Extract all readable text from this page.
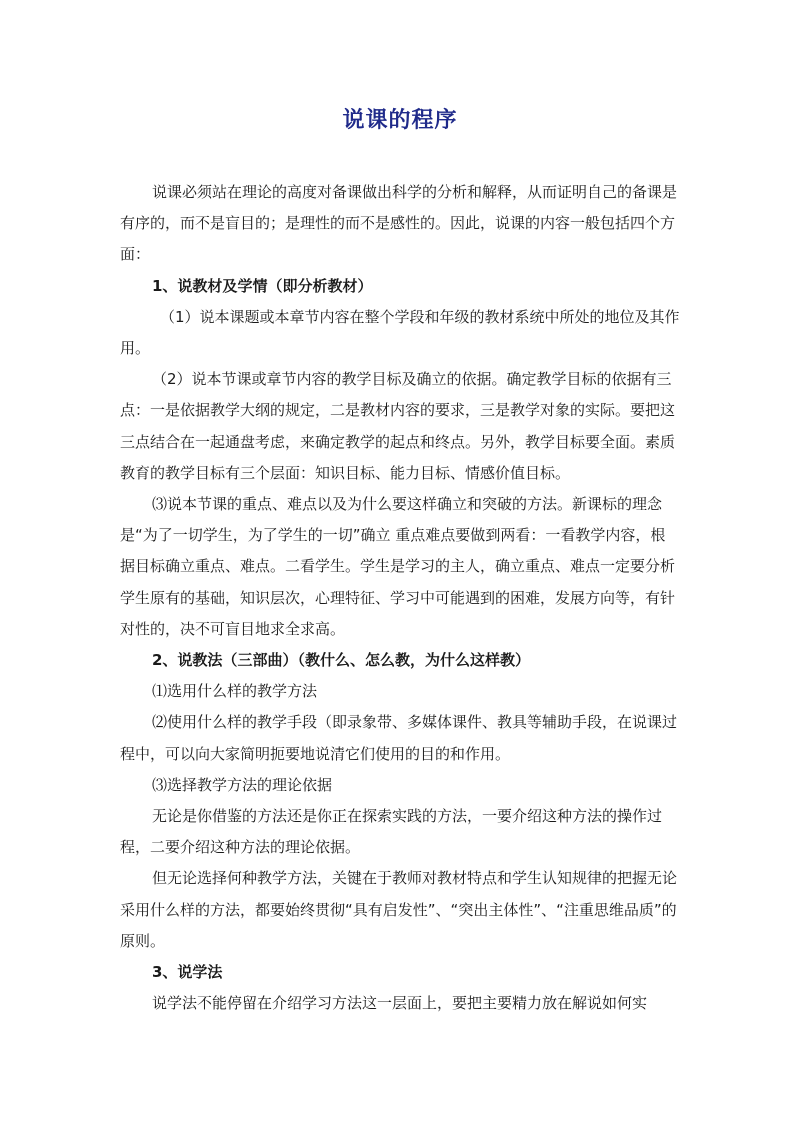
说课的程序

说课必须站在理论的高度对备课做出科学的分析和解释，从而证明自己的备课是有序的，而不是盲目的；是理性的而不是感性的。因此，说课的内容一般包括四个方面：

1、说教材及学情（即分析教材）

（1）说本课题或本章节内容在整个学段和年级的教材系统中所处的地位及其作用。

（2）说本节课或章节内容的教学目标及确立的依据。确定教学目标的依据有三点：一是依据教学大纲的规定，二是教材内容的要求，三是教学对象的实际。要把这三点结合在一起通盘考虑，来确定教学的起点和终点。另外，教学目标要全面。素质教育的教学目标有三个层面：知识目标、能力目标、情感价值目标。

⑶说本节课的重点、难点以及为什么要这样确立和突破的方法。新课标的理念是“为了一切学生，为了学生的一切”确立 重点难点要做到两看：一看教学内容，根据目标确立重点、难点。二看学生。学生是学习的主人，确立重点、难点一定要分析学生原有的基础，知识层次，心理特征、学习中可能遇到的困难，发展方向等，有针对性的，决不可盲目地求全求高。

2、说教法（三部曲）（教什么、怎么教，为什么这样教）

⑴选用什么样的教学方法

⑵使用什么样的教学手段（即录象带、多媒体课件、教具等辅助手段，在说课过程中，可以向大家简明扼要地说清它们使用的目的和作用。

⑶选择教学方法的理论依据

无论是你借鉴的方法还是你正在探索实践的方法，一要介绍这种方法的操作过程，二要介绍这种方法的理论依据。

但无论选择何种教学方法，关键在于教师对教材特点和学生认知规律的把握无论采用什么样的方法，都要始终贯彻“具有启发性”、“突出主体性”、“注重思维品质”的原则。

3、说学法

说学法不能停留在介绍学习方法这一层面上，要把主要精力放在解说如何实
